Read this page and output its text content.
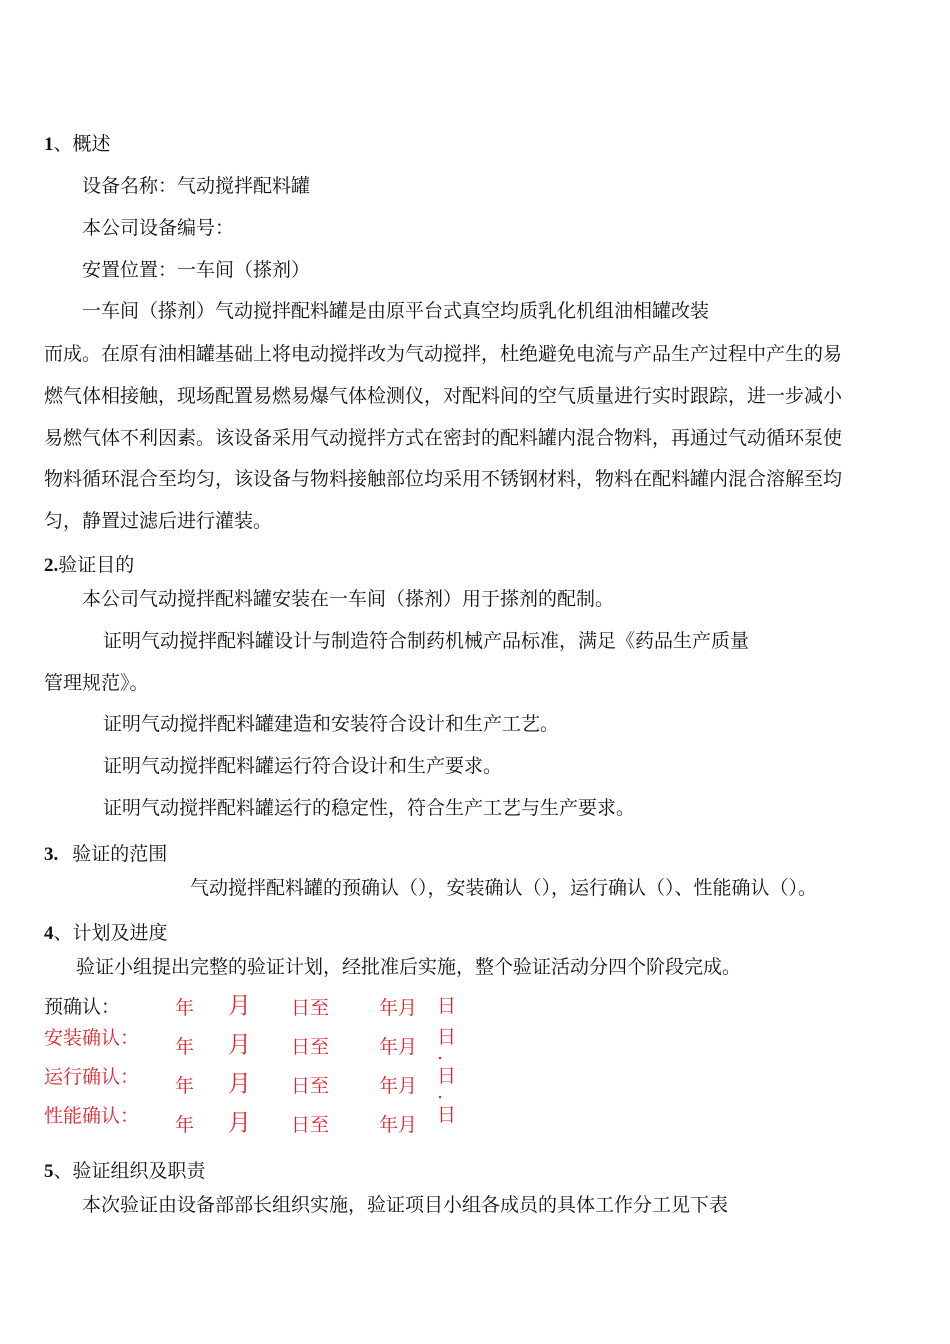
1、概述
设备名称：气动搅拌配料罐
本公司设备编号：
安置位置：一车间（搽剂）
一车间（搽剂）气动搅拌配料罐是由原平台式真空均质乳化机组油相罐改装
而成。在原有油相罐基础上将电动搅拌改为气动搅拌，杜绝避免电流与产品生产过程中产生的易
燃气体相接触，现场配置易燃易爆气体检测仪，对配料间的空气质量进行实时跟踪，进一步减小
易燃气体不利因素。该设备采用气动搅拌方式在密封的配料罐内混合物料，再通过气动循环泵使
物料循环混合至均匀，该设备与物料接触部位均采用不锈钢材料，物料在配料罐内混合溶解至均
匀，静置过滤后进行灌装。
2.验证目的
本公司气动搅拌配料罐安装在一车间（搽剂）用于搽剂的配制。
证明气动搅拌配料罐设计与制造符合制药机械产品标准，满足《药品生产质量
管理规范》。
证明气动搅拌配料罐建造和安装符合设计和生产工艺。
证明气动搅拌配料罐运行符合设计和生产要求。
证明气动搅拌配料罐运行的稳定性，符合生产工艺与生产要求。
3. 验证的范围
气动搅拌配料罐的预确认（），安装确认（），运行确认（）、性能确认（）。
4、计划及进度
验证小组提出完整的验证计划，经批准后实施，整个验证活动分四个阶段完成。
预确认：	年 月 日至	年月 日
安装确认： 年 月 日至	年月 日
.
运行确认： 年 月 日至	年月 日
.
性能确认： 年 月 日至	年月 日
5、验证组织及职责
本次验证由设备部部长组织实施，验证项目小组各成员的具体工作分工见下表
